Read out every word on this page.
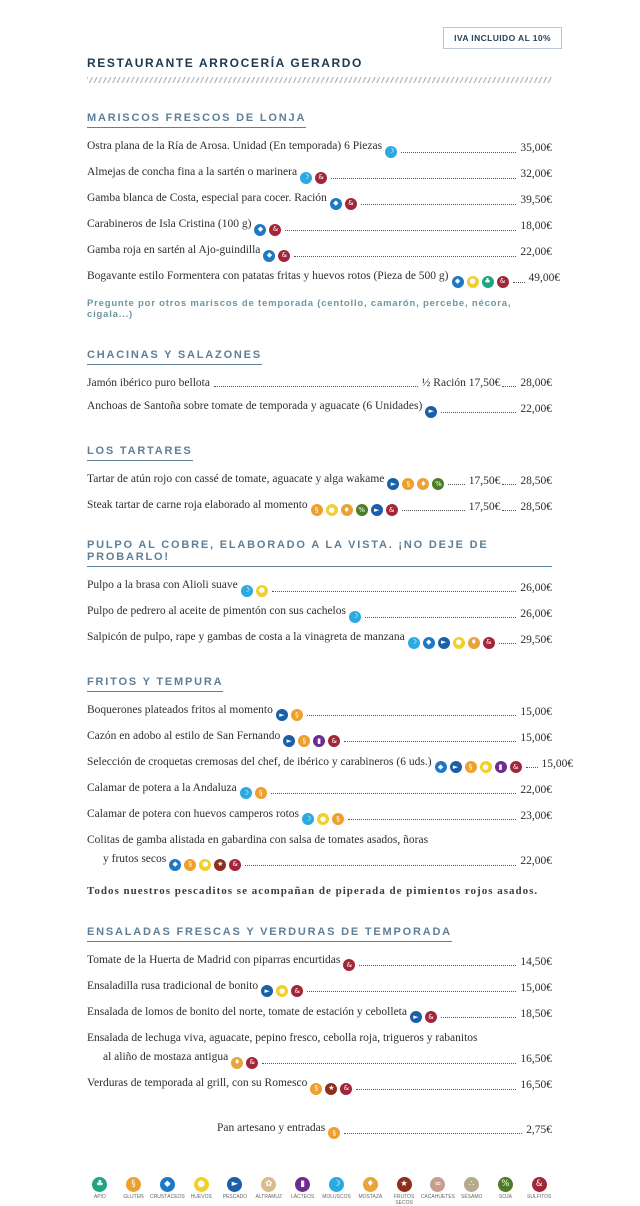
IVA INCLUIDO AL 10%
RESTAURANTE ARROCERÍA GERARDO
MARISCOS FRESCOS DE LONJA
Ostra plana de la Ría de Arosa. Unidad (En temporada) 6 Piezas ☽	35,00€
Almejas de concha fina a la sartén o marinera ☽ &	32,00€
Gamba blanca de Costa, especial para cocer. Ración ◆ &	39,50€
Carabineros de Isla Cristina (100 g) ◆ &	18,00€
Gamba roja en sartén al Ajo-guindilla ◆ &	22,00€
Bogavante estilo Formentera con patatas fritas y huevos rotos (Pieza de 500 g) ◆ ● ♣ & 49,00€
Pregunte por otros mariscos de temporada (centollo, camarón, percebe, nécora, cigala...)
CHACINAS Y SALAZONES
Jamón ibérico puro bellota	½ Ración 17,50€ 28,00€
Anchoas de Santoña sobre tomate de temporada y aguacate (6 Unidades) ►	22,00€
LOS TARTARES
Tartar de atún rojo con cassé de tomate, aguacate y alga wakame ► § ♦ % 17,50€ 28,50€
Steak tartar de carne roja elaborado al momento § ● ♦ % ► &	17,50€ 28,50€
PULPO AL COBRE, ELABORADO A LA VISTA. ¡NO DEJE DE PROBARLO!
Pulpo a la brasa con Alioli suave ☽ ●	26,00€
Pulpo de pedrero al aceite de pimentón con sus cachelos ☽	26,00€
Salpicón de pulpo, rape y gambas de costa a la vinagreta de manzana ☽ ◆ ► ● ♦ &	29,50€
FRITOS Y TEMPURA
Boquerones plateados fritos al momento ► §	15,00€
Cazón en adobo al estilo de San Fernando ► § ▮ &	15,00€
Selección de croquetas cremosas del chef, de ibérico y carabineros (6 uds.) ◆ ► § ● ▮ & 15,00€
Calamar de potera a la Andaluza ☽ §	22,00€
Calamar de potera con huevos camperos rotos ☽ ● §	23,00€
Colitas de gamba alistada en gabardina con salsa de tomates asados, ñoras
y frutos secos ◆ § ● ★ &	22,00€
Todos nuestros pescaditos se acompañan de piperada de pimientos rojos asados.
ENSALADAS FRESCAS Y VERDURAS DE TEMPORADA
Tomate de la Huerta de Madrid con piparras encurtidas &	14,50€
Ensaladilla rusa tradicional de bonito ► ● &	15,00€
Ensalada de lomos de bonito del norte, tomate de estación y cebolleta ► &	18,50€
Ensalada de lechuga viva, aguacate, pepino fresco, cebolla roja, trigueros y rabanitos
al aliño de mostaza antigua ♦ &	16,50€
Verduras de temporada al grill, con su Romesco § ★ &	16,50€
Pan artesano y entradas §	2,75€
♣
APIO
§
GLUTEN
◆
CRUSTÁCEOS
●
HUEVOS
►
PESCADO
✿
ALTRAMUZ
▮
LÁCTEOS
☽
MOLUSCOS
♦
MOSTAZA
★
FRUTOS SECOS
∞
CACAHUETES
∴
SÉSAMO
%
SOJA
&
SULFITOS
